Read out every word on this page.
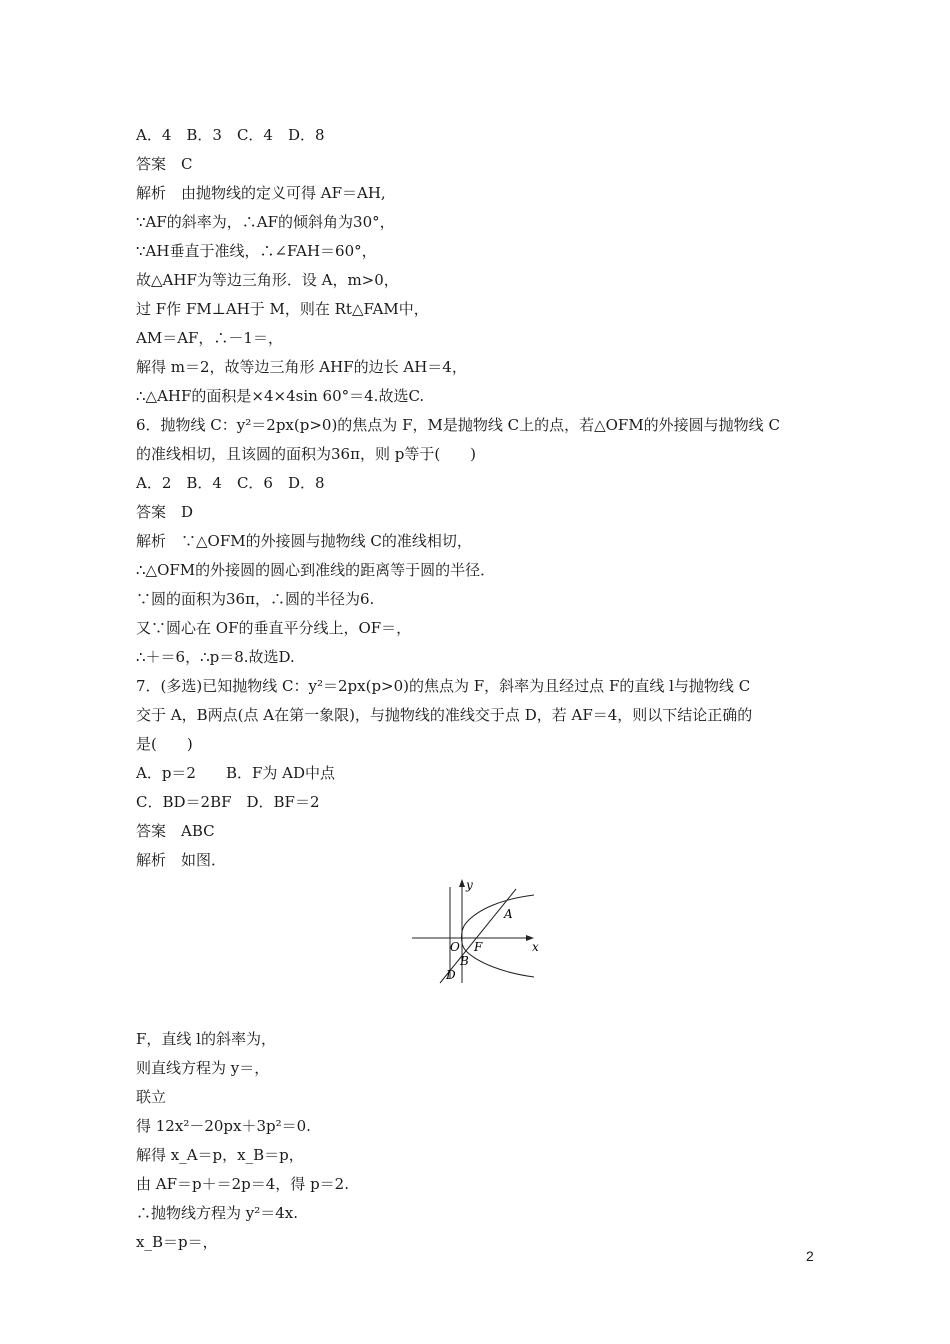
A．4　B．3　C．4　D．8
答案　C
解析　由抛物线的定义可得 AF＝AH,
∵AF的斜率为，∴AF的倾斜角为30°，
∵AH垂直于准线，∴∠FAH＝60°，
故△AHF为等边三角形．设 A，m>0，
过 F作 FM⊥AH于 M，则在 Rt△FAM中，
AM＝AF，∴－1＝，
解得 m＝2，故等边三角形 AHF的边长 AH＝4，
∴△AHF的面积是×4×4sin 60°＝4.故选C.
6．抛物线 C：y²＝2px(p>0)的焦点为 F，M是抛物线 C上的点，若△OFM的外接圆与抛物线 C
的准线相切，且该圆的面积为36π，则 p等于(　　)
A．2　B．4　C．6　D．8
答案　D
解析　∵△OFM的外接圆与抛物线 C的准线相切，
∴△OFM的外接圆的圆心到准线的距离等于圆的半径．
∵圆的面积为36π，∴圆的半径为6.
又∵圆心在 OF的垂直平分线上，OF＝，
∴＋＝6，∴p＝8.故选D.
7．(多选)已知抛物线 C：y²＝2px(p>0)的焦点为 F，斜率为且经过点 F的直线 l与抛物线 C
交于 A，B两点(点 A在第一象限)，与抛物线的准线交于点 D，若 AF＝4，则以下结论正确的
是(　　)
A．p＝2　　B．F为 AD中点
C．BD＝2BF　D．BF＝2
答案　ABC
解析　如图．
y
x
A
O F
B
D
F，直线 l的斜率为，
则直线方程为 y＝，
联立
得 12x²－20px＋3p²＝0.
解得 x_A＝p，x_B＝p，
由 AF＝p＋＝2p＝4，得 p＝2.
∴抛物线方程为 y²＝4x.
x_B＝p＝，
2
